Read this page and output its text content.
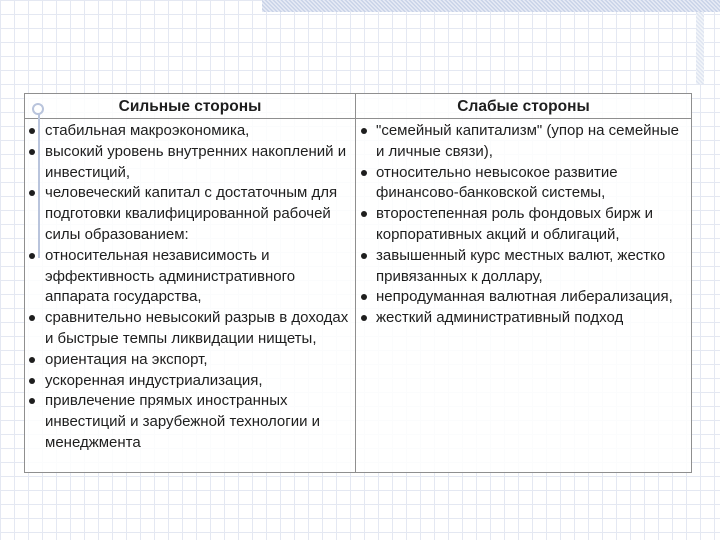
Сильные стороны	Слабые стороны
стабильная макроэкономика,
высокий уровень внутренних накоплений и инвестиций,
человеческий капитал с достаточным для подготовки квалифицированной рабочей силы образованием:
относительная независимость и эффективность административного аппарата государства,
сравнительно невысокий разрыв в доходах и быстрые темпы ликвидации нищеты,
ориентация на экспорт,
ускоренная индустриализация,
привлечение прямых иностранных инвестиций и зарубежной технологии и менеджмента
"семейный капитализм" (упор на семейные и личные связи),
относительно невысокое развитие финансово-банковской системы,
второстепенная роль фондовых бирж и корпоративных акций и облигаций,
завышенный курс местных валют, жестко привязанных к доллару,
непродуманная валютная либерализация,
жесткий административный подход
